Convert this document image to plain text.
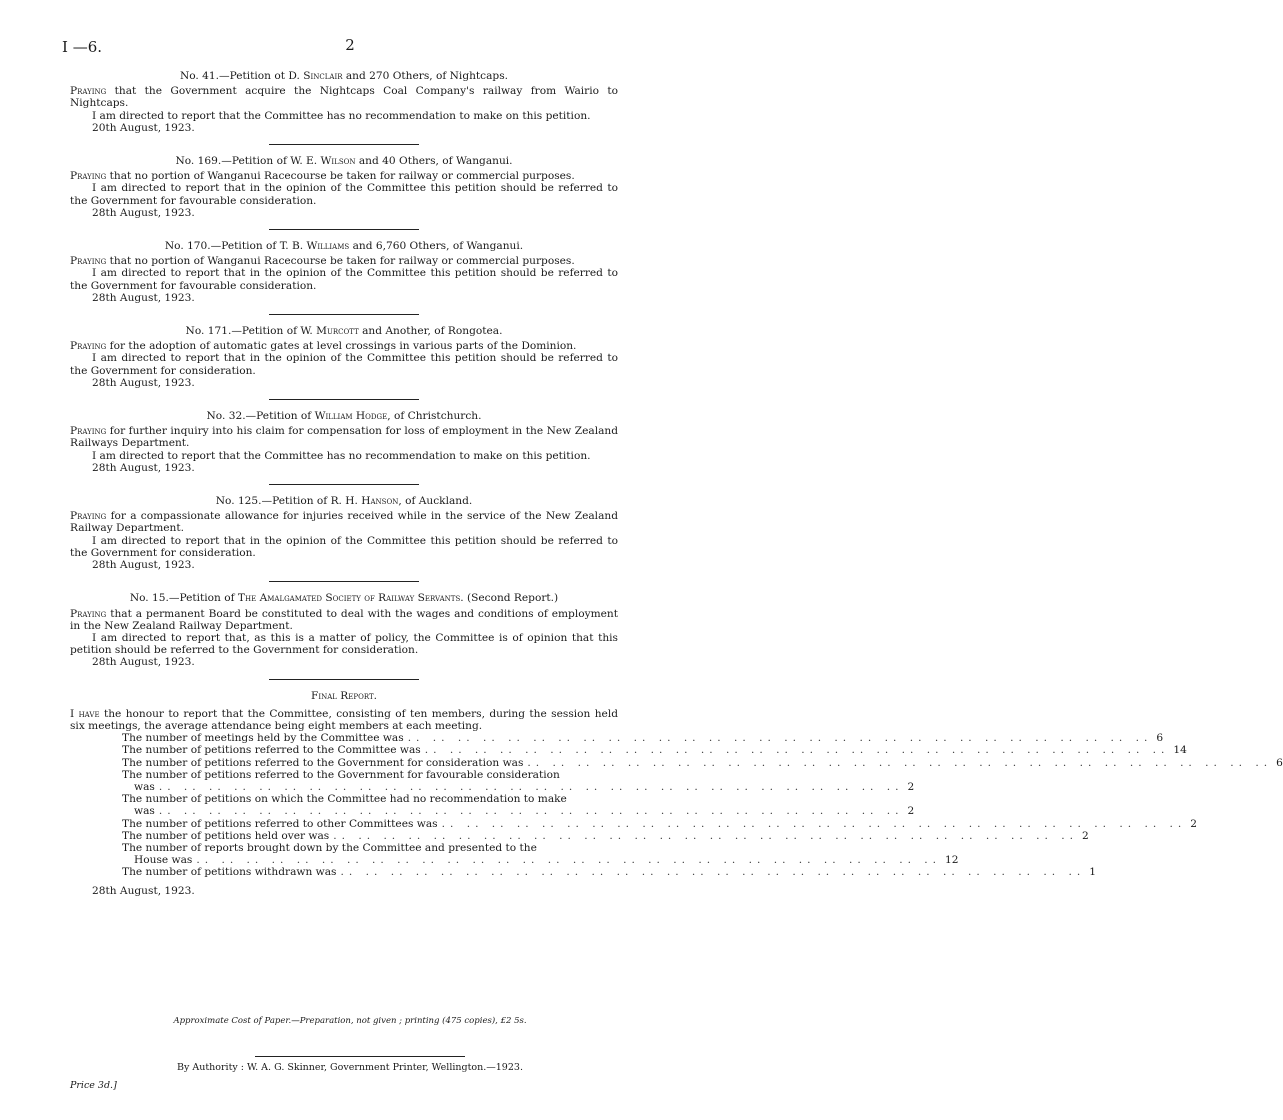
I —6.	2
No. 41.—Petition ot D. Sinclair and 270 Others, of Nightcaps.
Praying that the Government acquire the Nightcaps Coal Company's railway from Wairio to Nightcaps.
I am directed to report that the Committee has no recommendation to make on this petition.
20th August, 1923.
No. 169.—Petition of W. E. Wilson and 40 Others, of Wanganui.
Praying that no portion of Wanganui Racecourse be taken for railway or commercial purposes.
I am directed to report that in the opinion of the Committee this petition should be referred to the Government for favourable consideration.
28th August, 1923.
No. 170.—Petition of T. B. Williams and 6,760 Others, of Wanganui.
Praying that no portion of Wanganui Racecourse be taken for railway or commercial purposes.
I am directed to report that in the opinion of the Committee this petition should be referred to the Government for favourable consideration.
28th August, 1923.
No. 171.—Petition of W. Murcott and Another, of Rongotea.
Praying for the adoption of automatic gates at level crossings in various parts of the Dominion.
I am directed to report that in the opinion of the Committee this petition should be referred to the Government for consideration.
28th August, 1923.
No. 32.—Petition of William Hodge, of Christchurch.
Praying for further inquiry into his claim for compensation for loss of employment in the New Zealand Railways Department.
I am directed to report that the Committee has no recommendation to make on this petition.
28th August, 1923.
No. 125.—Petition of R. H. Hanson, of Auckland.
Praying for a compassionate allowance for injuries received while in the service of the New Zealand Railway Department.
I am directed to report that in the opinion of the Committee this petition should be referred to the Government for consideration.
28th August, 1923.
No. 15.—Petition of The Amalgamated Society of Railway Servants. (Second Report.)
Praying that a permanent Board be constituted to deal with the wages and conditions of employment in the New Zealand Railway Department.
I am directed to report that, as this is a matter of policy, the Committee is of opinion that this petition should be referred to the Government for consideration.
28th August, 1923.
Final Report.
I have the honour to report that the Committee, consisting of ten members, during the session held six meetings, the average attendance being eight members at each meeting.
The number of meetings held by the Committee was .. .. .. .. .. .. .. .. .. .. .. .. .. .. .. .. .. .. .. .. .. .. .. .. .. .. .. .. .. .. 6
The number of petitions referred to the Committee was .. .. .. .. .. .. .. .. .. .. .. .. .. .. .. .. .. .. .. .. .. .. .. .. .. .. .. .. .. .. 14
The number of petitions referred to the Government for consideration was .. .. .. .. .. .. .. .. .. .. .. .. .. .. .. .. .. .. .. .. .. .. .. .. .. .. .. .. .. .. 6
The number of petitions referred to the Government for favourable consideration
was .. .. .. .. .. .. .. .. .. .. .. .. .. .. .. .. .. .. .. .. .. .. .. .. .. .. .. .. .. .. 2
The number of petitions on which the Committee had no recommendation to make
was .. .. .. .. .. .. .. .. .. .. .. .. .. .. .. .. .. .. .. .. .. .. .. .. .. .. .. .. .. .. 2
The number of petitions referred to other Committees was .. .. .. .. .. .. .. .. .. .. .. .. .. .. .. .. .. .. .. .. .. .. .. .. .. .. .. .. .. .. 2
The number of petitions held over was .. .. .. .. .. .. .. .. .. .. .. .. .. .. .. .. .. .. .. .. .. .. .. .. .. .. .. .. .. .. 2
The number of reports brought down by the Committee and presented to the
House was .. .. .. .. .. .. .. .. .. .. .. .. .. .. .. .. .. .. .. .. .. .. .. .. .. .. .. .. .. .. 12
The number of petitions withdrawn was .. .. .. .. .. .. .. .. .. .. .. .. .. .. .. .. .. .. .. .. .. .. .. .. .. .. .. .. .. .. 1
28th August, 1923.
Approximate Cost of Paper.—Preparation, not given ; printing (475 copies), £2 5s.
By Authority : W. A. G. Skinner, Government Printer, Wellington.—1923.
Price 3d.]
